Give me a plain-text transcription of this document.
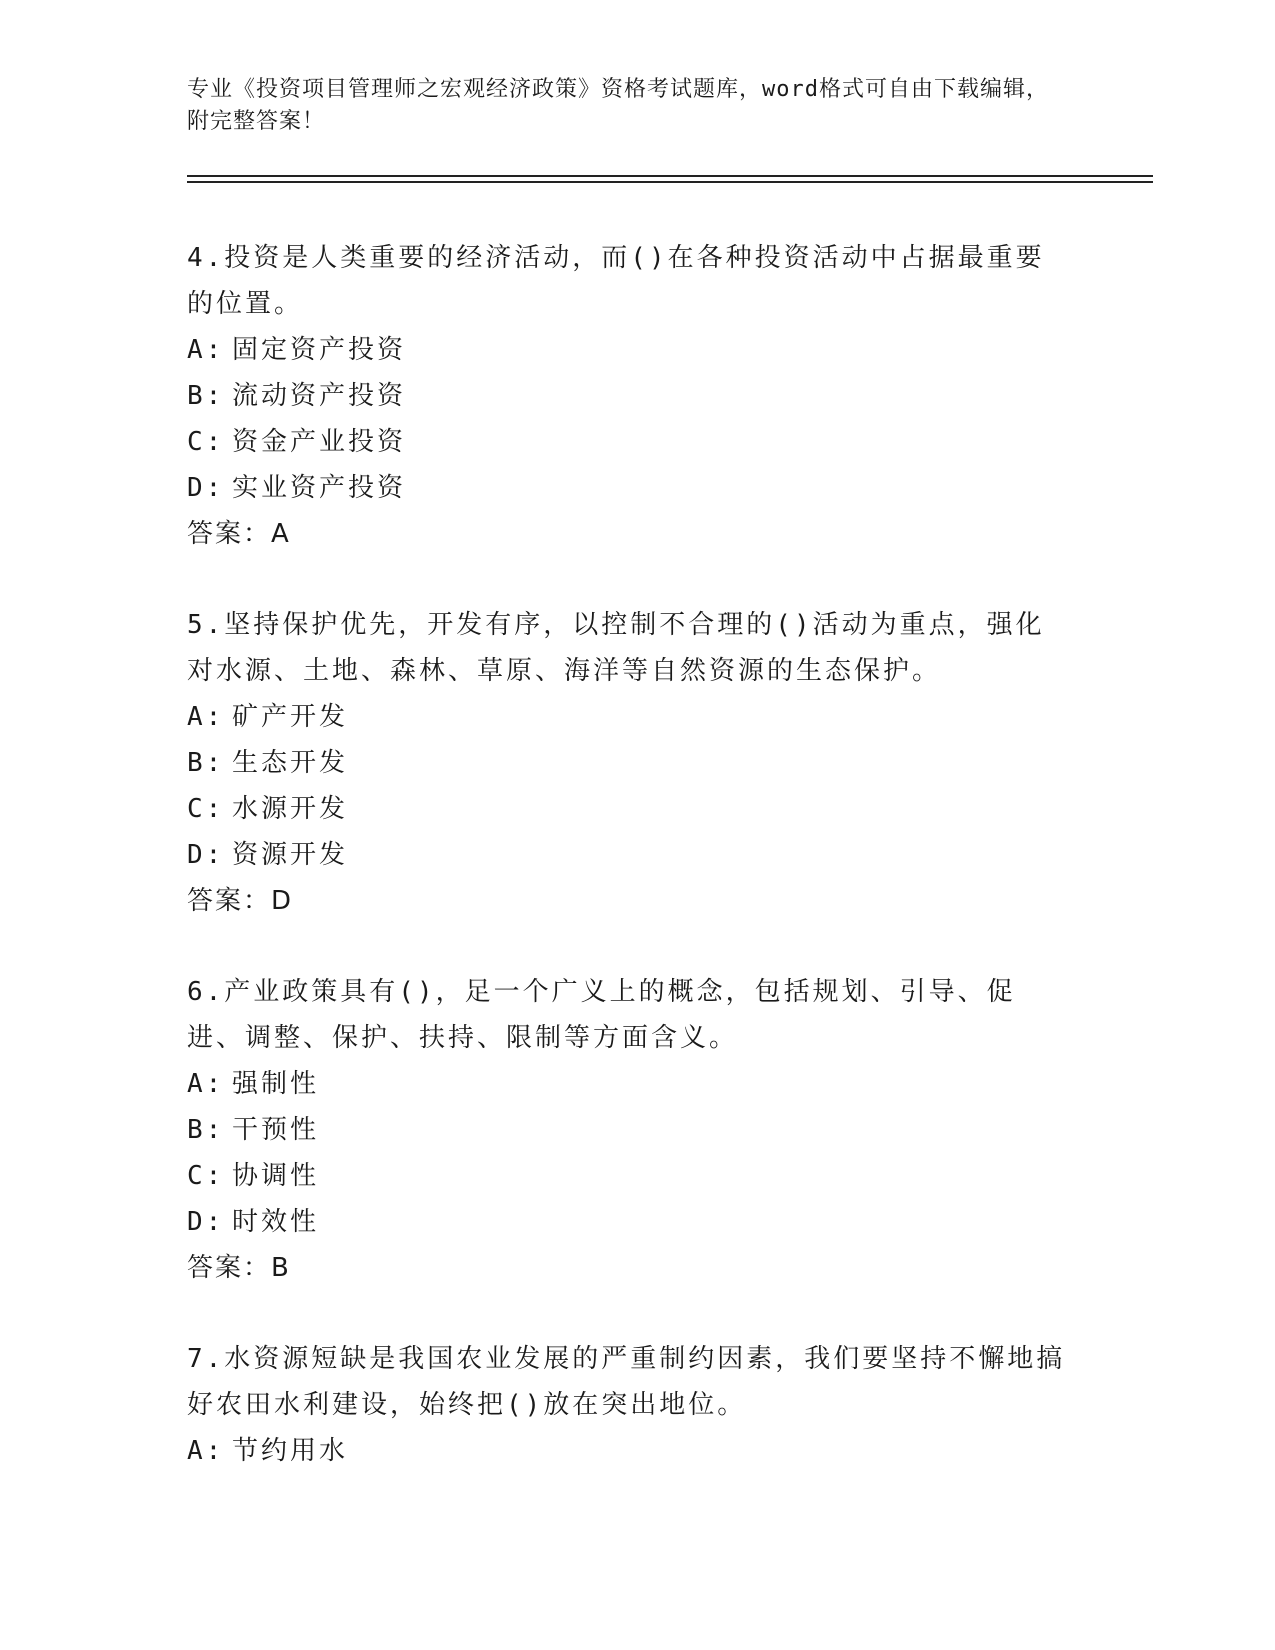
专业《投资项目管理师之宏观经济政策》资格考试题库，word格式可自由下载编辑，附完整答案！

4.投资是人类重要的经济活动，而()在各种投资活动中占据最重要的位置。

A: 固定资产投资
B: 流动资产投资
C: 资金产业投资
D: 实业资产投资
答案：A

5.坚持保护优先，开发有序，以控制不合理的()活动为重点，强化对水源、土地、森林、草原、海洋等自然资源的生态保护。

A: 矿产开发
B: 生态开发
C: 水源开发
D: 资源开发
答案：D

6.产业政策具有()，足一个广义上的概念，包括规划、引导、促进、调整、保护、扶持、限制等方面含义。

A: 强制性
B: 干预性
C: 协调性
D: 时效性
答案：B

7.水资源短缺是我国农业发展的严重制约因素，我们要坚持不懈地搞好农田水利建设，始终把()放在突出地位。

A: 节约用水
